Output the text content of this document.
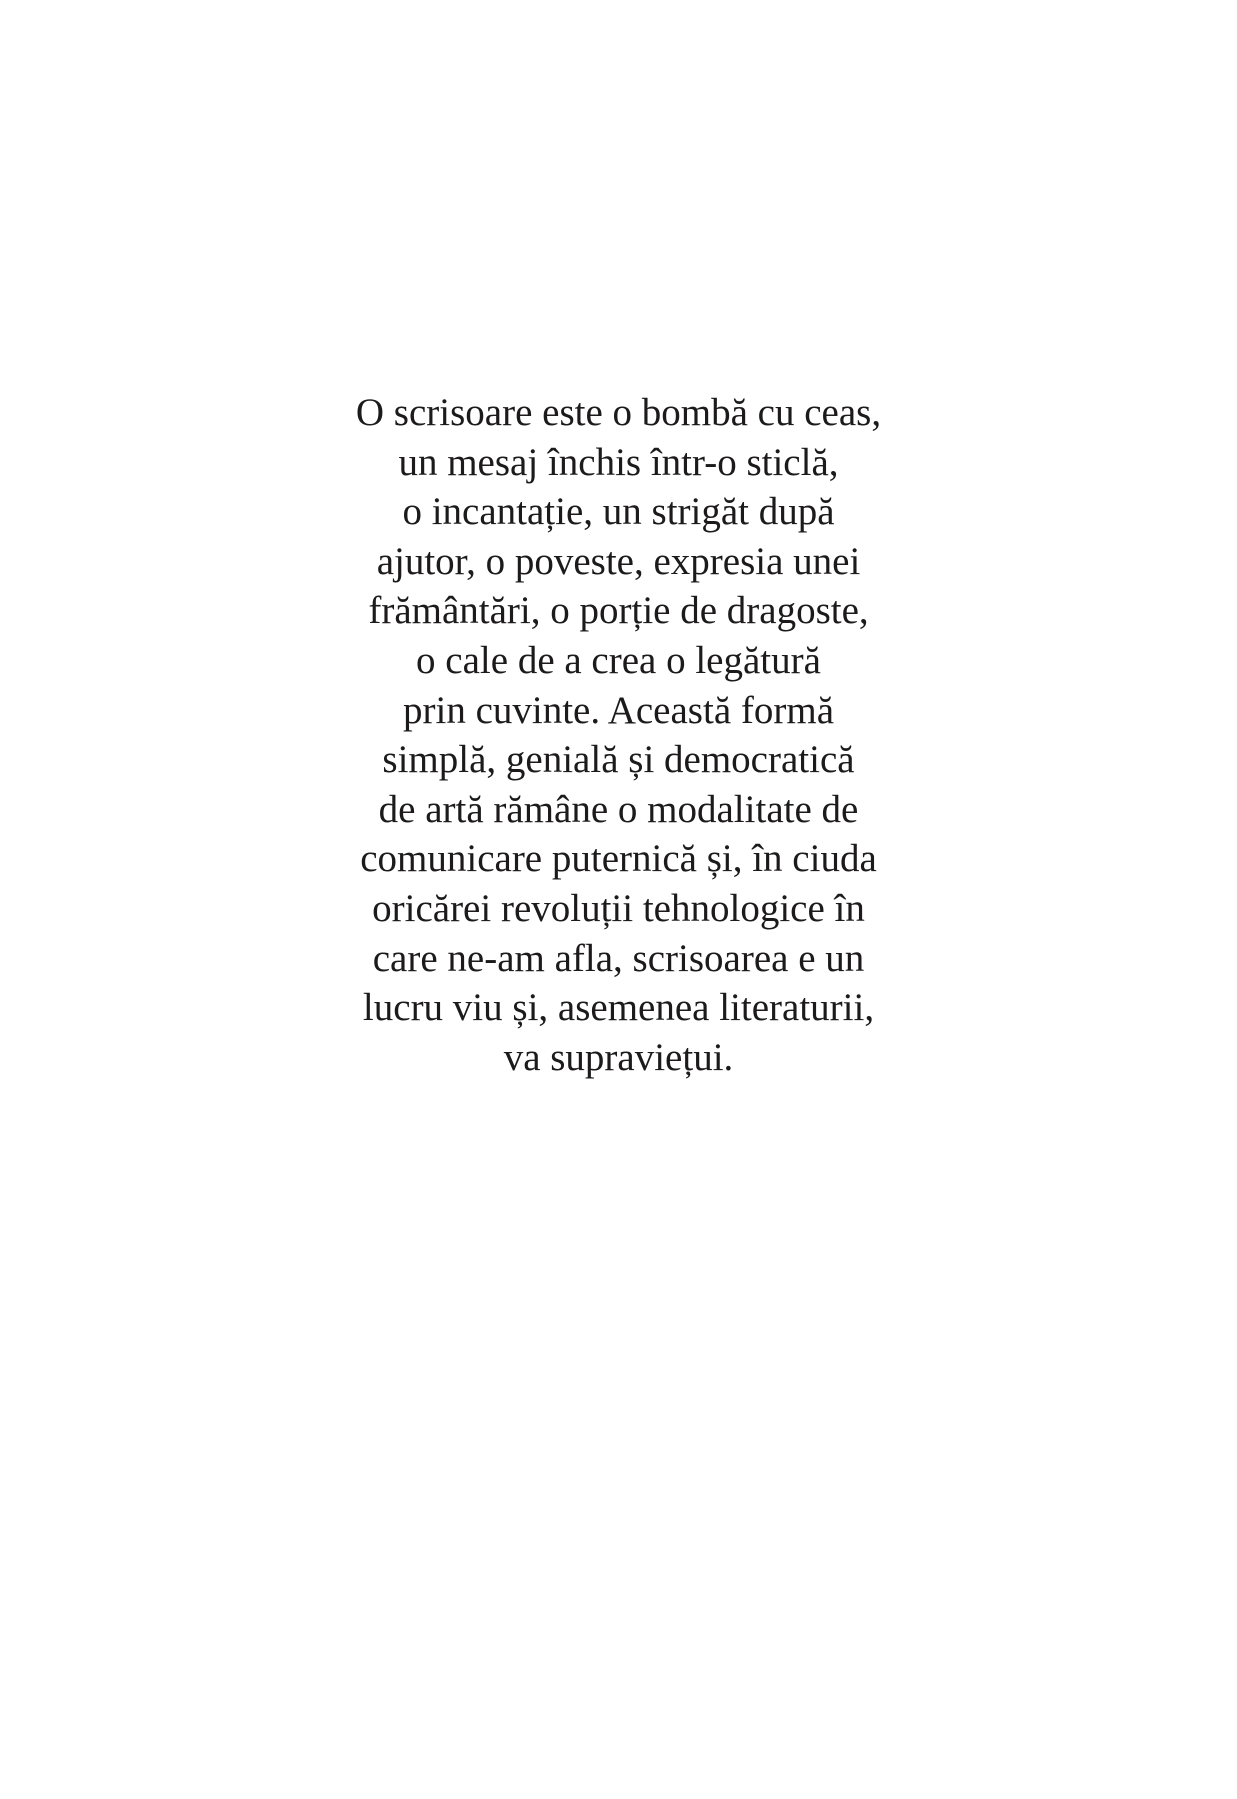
O scrisoare este o bombă cu ceas,
un mesaj închis într-o sticlă,
o incantație, un strigăt după
ajutor, o poveste, expresia unei
frământări, o porție de dragoste,
o cale de a crea o legătură
prin cuvinte. Această formă
simplă, genială și democratică
de artă rămâne o modalitate de
comunicare puternică și, în ciuda
oricărei revoluții tehnologice în
care ne-am afla, scrisoarea e un
lucru viu și, asemenea literaturii,
va supraviețui.
